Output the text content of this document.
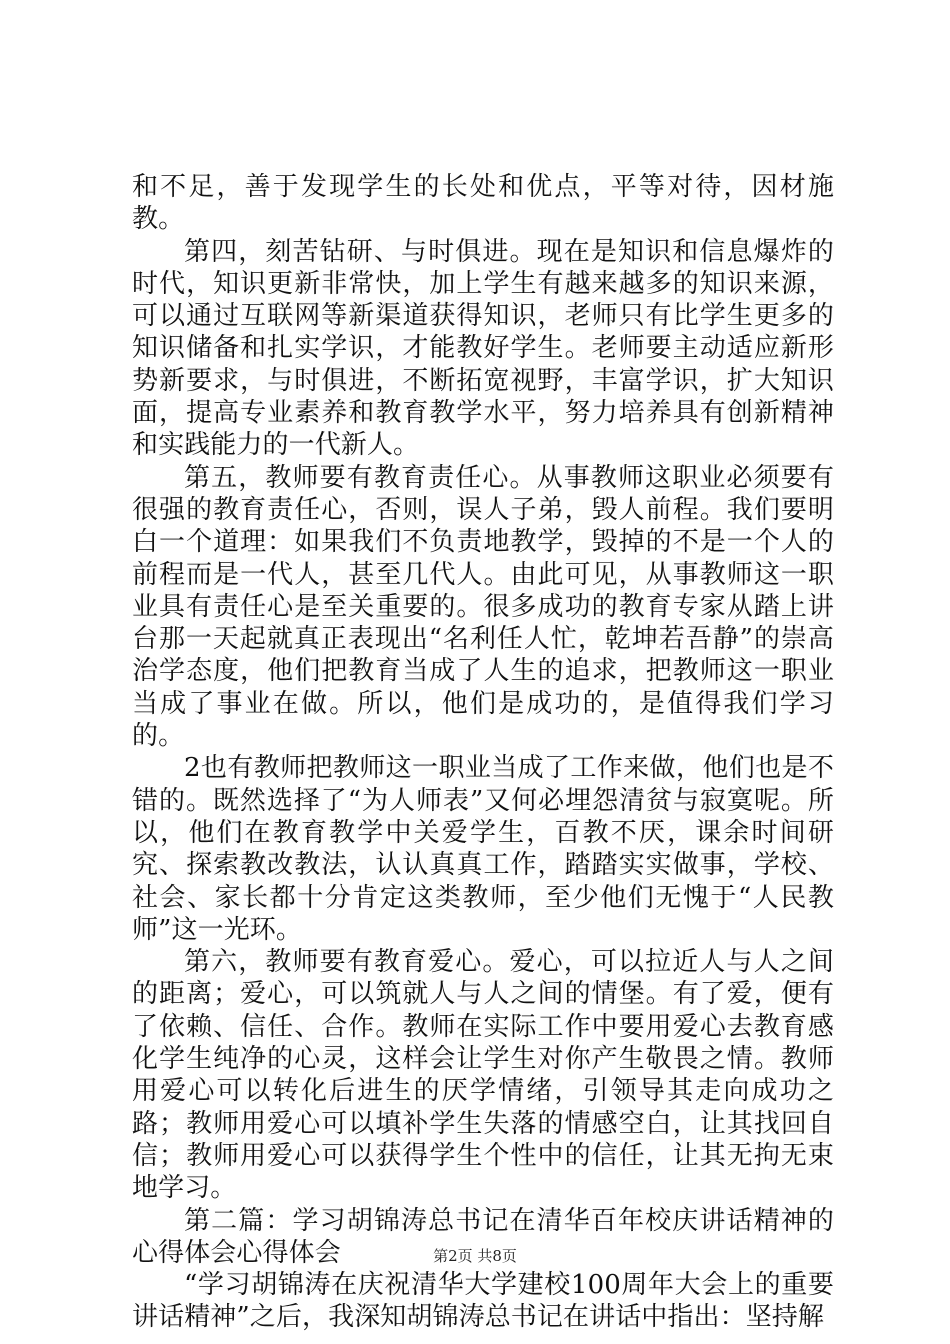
和不足，善于发现学生的长处和优点，平等对待，因材施教。

第四，刻苦钻研、与时俱进。现在是知识和信息爆炸的时代，知识更新非常快，加上学生有越来越多的知识来源，可以通过互联网等新渠道获得知识，老师只有比学生更多的知识储备和扎实学识，才能教好学生。老师要主动适应新形势新要求，与时俱进，不断拓宽视野，丰富学识，扩大知识面，提高专业素养和教育教学水平，努力培养具有创新精神和实践能力的一代新人。

第五，教师要有教育责任心。从事教师这职业必须要有很强的教育责任心，否则，误人子弟，毁人前程。我们要明白一个道理：如果我们不负责地教学，毁掉的不是一个人的前程而是一代人，甚至几代人。由此可见，从事教师这一职业具有责任心是至关重要的。很多成功的教育专家从踏上讲台那一天起就真正表现出“名利任人忙，乾坤若吾静”的崇高治学态度，他们把教育当成了人生的追求，把教师这一职业当成了事业在做。所以，他们是成功的，是值得我们学习的。

2也有教师把教师这一职业当成了工作来做，他们也是不错的。既然选择了“为人师表”又何必埋怨清贫与寂寞呢。所以，他们在教育教学中关爱学生，百教不厌，课余时间研究、探索教改教法，认认真真工作，踏踏实实做事，学校、社会、家长都十分肯定这类教师，至少他们无愧于“人民教师”这一光环。

第六，教师要有教育爱心。爱心，可以拉近人与人之间的距离；爱心，可以筑就人与人之间的情堡。有了爱，便有了依赖、信任、合作。教师在实际工作中要用爱心去教育感化学生纯净的心灵，这样会让学生对你产生敬畏之情。教师用爱心可以转化后进生的厌学情绪，引领导其走向成功之路；教师用爱心可以填补学生失落的情感空白，让其找回自信；教师用爱心可以获得学生个性中的信任，让其无拘无束地学习。

第二篇：学习胡锦涛总书记在清华百年校庆讲话精神的心得体会心得体会

“学习胡锦涛在庆祝清华大学建校100周年大会上的重要讲话精神”之后，我深知胡锦涛总书记在讲话中指出：坚持解

第2页 共8页
